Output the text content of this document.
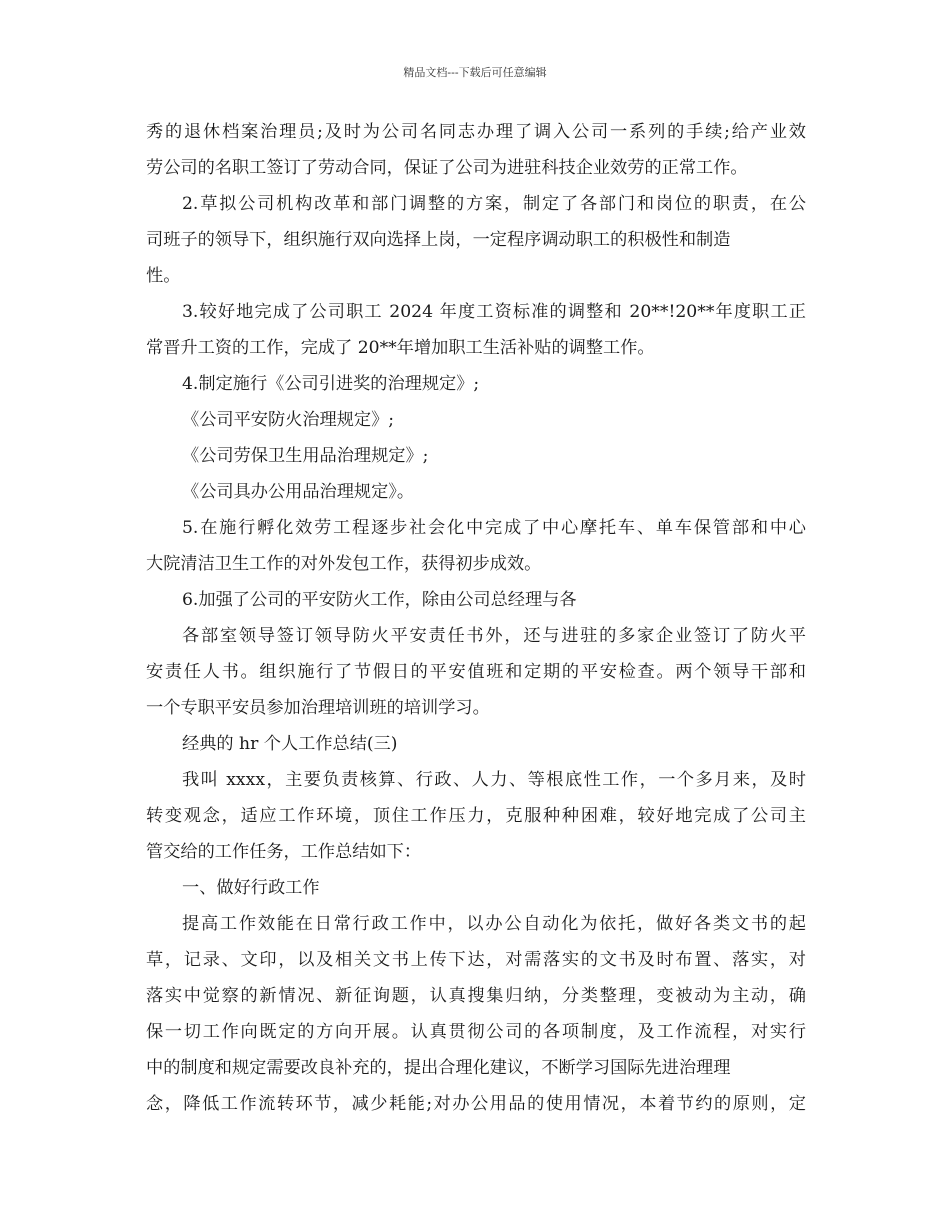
精品文档---下载后可任意编辑
秀的退休档案治理员;及时为公司名同志办理了调入公司一系列的手续;给产业效
劳公司的名职工签订了劳动合同，保证了公司为进驻科技企业效劳的正常工作。
2.草拟公司机构改革和部门调整的方案，制定了各部门和岗位的职责，在公
司班子的领导下，组织施行双向选择上岗，一定程序调动职工的积极性和制造
性。
3.较好地完成了公司职工 2024 年度工资标准的调整和 20**!20**年度职工正
常晋升工资的工作，完成了 20**年增加职工生活补贴的调整工作。
4.制定施行《公司引进奖的治理规定》;
《公司平安防火治理规定》;
《公司劳保卫生用品治理规定》;
《公司具办公用品治理规定》。
5.在施行孵化效劳工程逐步社会化中完成了中心摩托车、单车保管部和中心
大院清洁卫生工作的对外发包工作，获得初步成效。
6.加强了公司的平安防火工作，除由公司总经理与各
各部室领导签订领导防火平安责任书外，还与进驻的多家企业签订了防火平
安责任人书。组织施行了节假日的平安值班和定期的平安检查。两个领导干部和
一个专职平安员参加治理培训班的培训学习。
经典的 hr 个人工作总结(三)
我叫 xxxx，主要负责核算、行政、人力、等根底性工作，一个多月来，及时
转变观念，适应工作环境，顶住工作压力，克服种种困难，较好地完成了公司主
管交给的工作任务，工作总结如下：
一、做好行政工作
提高工作效能在日常行政工作中，以办公自动化为依托，做好各类文书的起
草，记录、文印，以及相关文书上传下达，对需落实的文书及时布置、落实，对
落实中觉察的新情况、新征询题，认真搜集归纳，分类整理，变被动为主动，确
保一切工作向既定的方向开展。认真贯彻公司的各项制度，及工作流程，对实行
中的制度和规定需要改良补充的，提出合理化建议，不断学习国际先进治理理
念，降低工作流转环节，减少耗能;对办公用品的使用情况，本着节约的原则，定
